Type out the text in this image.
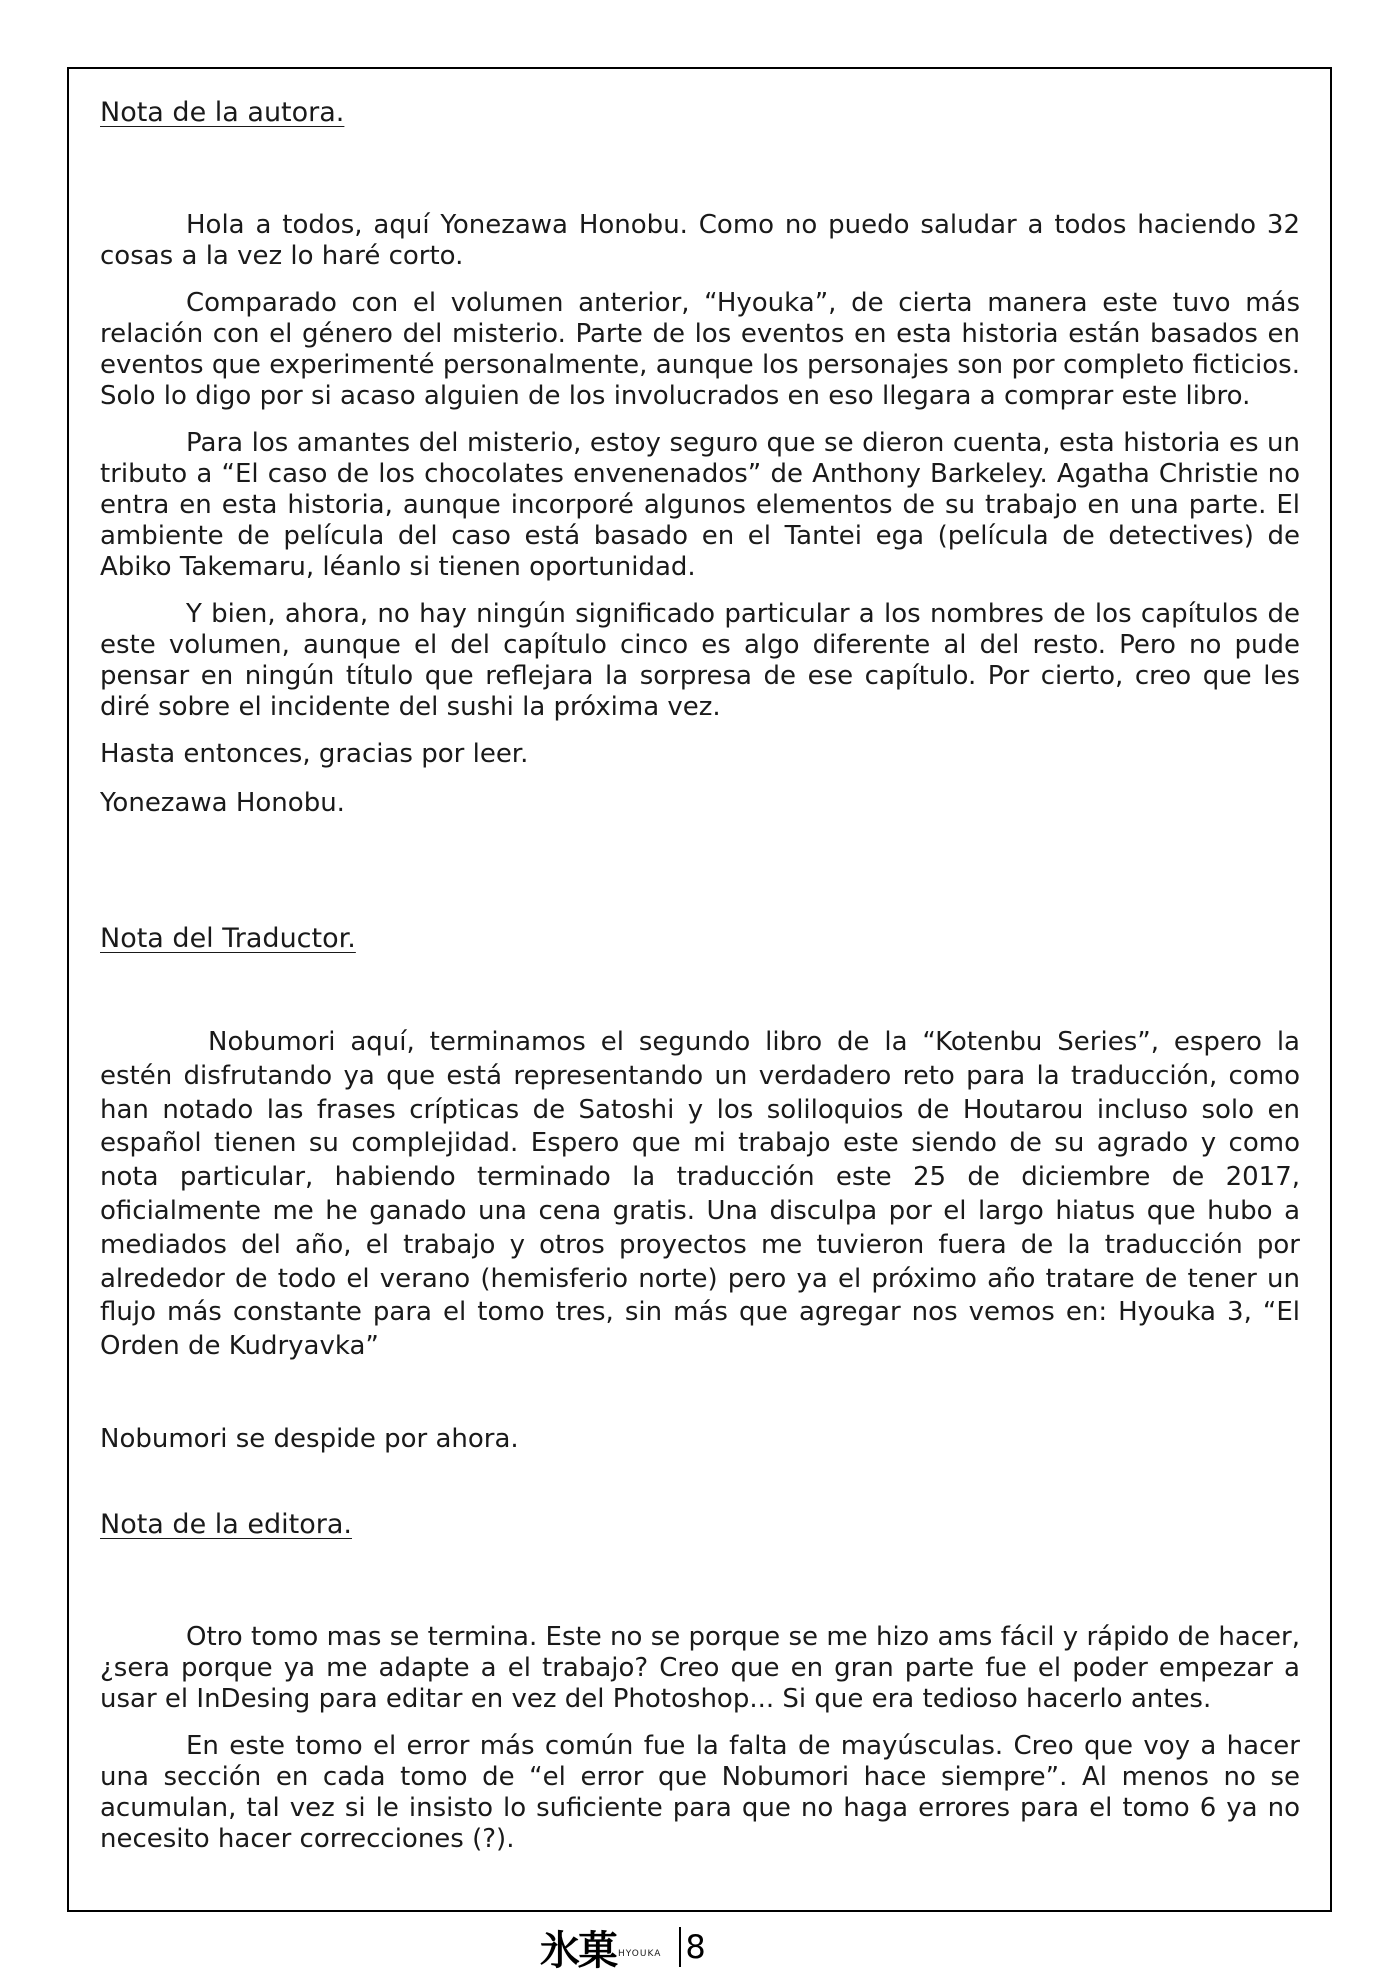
Nota de la autora.

Hola a todos, aquí Yonezawa Honobu. Como no puedo saludar a todos haciendo 32 cosas a la vez lo haré corto.

Comparado con el volumen anterior, “Hyouka”, de cierta manera este tuvo más relación con el género del misterio. Parte de los eventos en esta historia están basados en eventos que experimenté personalmente, aunque los personajes son por completo ficticios. Solo lo digo por si acaso alguien de los involucrados en eso llegara a comprar este libro.

Para los amantes del misterio, estoy seguro que se dieron cuenta, esta historia es un tributo a “El caso de los chocolates envenenados” de Anthony Barkeley. Agatha Christie no entra en esta historia, aunque incorporé algunos elementos de su trabajo en una parte. El ambiente de película del caso está basado en el Tantei ega (película de detectives) de Abiko Takemaru, léanlo si tienen oportunidad.

Y bien, ahora, no hay ningún significado particular a los nombres de los capítulos de este volumen, aunque el del capítulo cinco es algo diferente al del resto. Pero no pude pensar en ningún título que reflejara la sorpresa de ese capítulo. Por cierto, creo que les diré sobre el incidente del sushi la próxima vez.

Hasta entonces, gracias por leer.

Yonezawa Honobu.

Nota del Traductor.

Nobumori aquí, terminamos el segundo libro de la “Kotenbu Series”, espero la estén disfrutando ya que está representando un verdadero reto para la traducción, como han notado las frases crípticas de Satoshi y los soliloquios de Houtarou incluso solo en español tienen su complejidad. Espero que mi trabajo este siendo de su agrado y como nota particular, habiendo terminado la traducción este 25 de diciembre de 2017, oficialmente me he ganado una cena gratis. Una disculpa por el largo hiatus que hubo a mediados del año, el trabajo y otros proyectos me tuvieron fuera de la traducción por alrededor de todo el verano (hemisferio norte) pero ya el próximo año tratare de tener un flujo más constante para el tomo tres, sin más que agregar nos vemos en: Hyouka 3, “El Orden de Kudryavka”

Nobumori se despide por ahora.

Nota de la editora.

Otro tomo mas se termina. Este no se porque se me hizo ams fácil y rápido de hacer, ¿sera porque ya me adapte a el trabajo? Creo que en gran parte fue el poder empezar a usar el InDesing para editar en vez del Photoshop... Si que era tedioso hacerlo antes.

En este tomo el error más común fue la falta de mayúsculas. Creo que voy a hacer una sección en cada tomo de “el error que Nobumori hace siempre”. Al menos no se acumulan, tal vez si le insisto lo suficiente para que no haga errores para el tomo 6 ya no necesito hacer correcciones (?).

氷菓 HYOUKA 8
